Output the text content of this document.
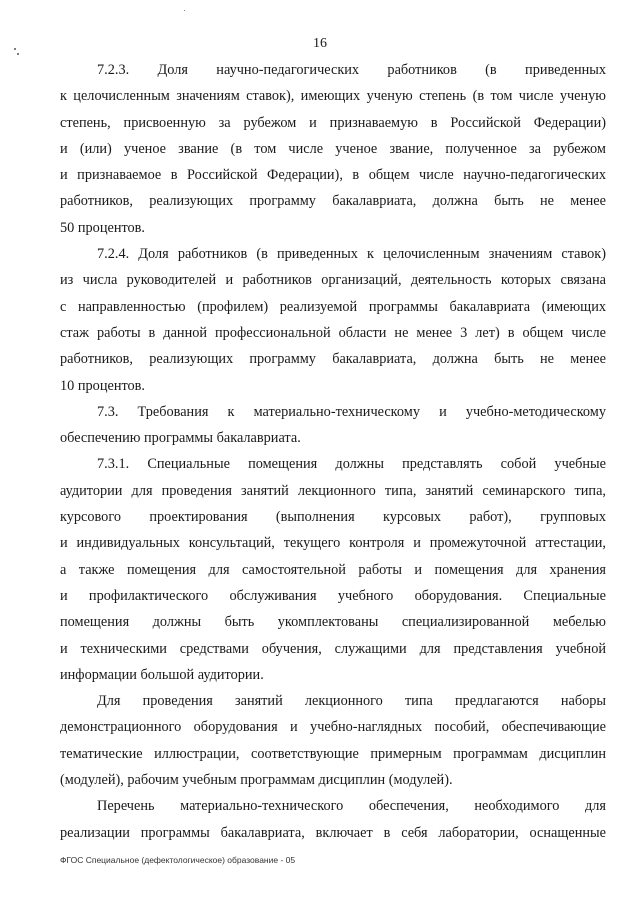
16
7.2.3. Доля научно-педагогических работников (в приведенных
к целочисленным значениям ставок), имеющих ученую степень (в том числе ученую
степень, присвоенную за рубежом и признаваемую в Российской Федерации)
и (или) ученое звание (в том числе ученое звание, полученное за рубежом
и признаваемое в Российской Федерации), в общем числе научно-педагогических
работников, реализующих программу бакалавриата, должна быть не менее
50 процентов.
7.2.4. Доля работников (в приведенных к целочисленным значениям ставок)
из числа руководителей и работников организаций, деятельность которых связана
с направленностью (профилем) реализуемой программы бакалавриата (имеющих
стаж работы в данной профессиональной области не менее 3 лет) в общем числе
работников, реализующих программу бакалавриата, должна быть не менее
10 процентов.
7.3. Требования к материально-техническому и учебно-методическому
обеспечению программы бакалавриата.
7.3.1. Специальные помещения должны представлять собой учебные
аудитории для проведения занятий лекционного типа, занятий семинарского типа,
курсового проектирования (выполнения курсовых работ), групповых
и индивидуальных консультаций, текущего контроля и промежуточной аттестации,
а также помещения для самостоятельной работы и помещения для хранения
и профилактического обслуживания учебного оборудования. Специальные
помещения должны быть укомплектованы специализированной мебелью
и техническими средствами обучения, служащими для представления учебной
информации большой аудитории.
Для проведения занятий лекционного типа предлагаются наборы
демонстрационного оборудования и учебно-наглядных пособий, обеспечивающие
тематические иллюстрации, соответствующие примерным программам дисциплин
(модулей), рабочим учебным программам дисциплин (модулей).
Перечень материально-технического обеспечения, необходимого для
реализации программы бакалавриата, включает в себя лаборатории, оснащенные
ФГОС Специальное (дефектологическое) образование - 05
